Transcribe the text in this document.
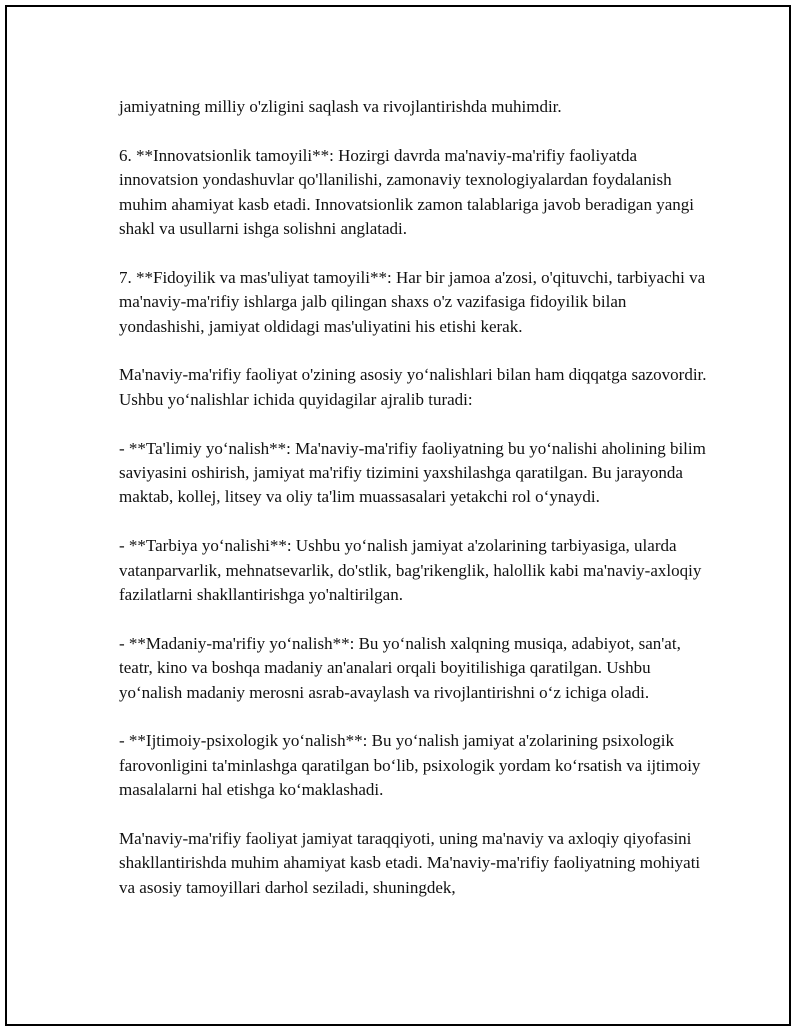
jamiyatning milliy o'zligini saqlash va rivojlantirishda muhimdir.

6. **Innovatsionlik tamoyili**: Hozirgi davrda ma'naviy-ma'rifiy faoliyatda innovatsion yondashuvlar qo'llanilishi, zamonaviy texnologiyalardan foydalanish muhim ahamiyat kasb etadi. Innovatsionlik zamon talablariga javob beradigan yangi shakl va usullarni ishga solishni anglatadi.

7. **Fidoyilik va mas'uliyat tamoyili**: Har bir jamoa a'zosi, o'qituvchi, tarbiyachi va ma'naviy-ma'rifiy ishlarga jalb qilingan shaxs o'z vazifasiga fidoyilik bilan yondashishi, jamiyat oldidagi mas'uliyatini his etishi kerak.

Ma'naviy-ma'rifiy faoliyat o'zining asosiy yo‘nalishlari bilan ham diqqatga sazovordir. Ushbu yo‘nalishlar ichida quyidagilar ajralib turadi:

- **Ta'limiy yo‘nalish**: Ma'naviy-ma'rifiy faoliyatning bu yo‘nalishi aholining bilim saviyasini oshirish, jamiyat ma'rifiy tizimini yaxshilashga qaratilgan. Bu jarayonda maktab, kollej, litsey va oliy ta'lim muassasalari yetakchi rol o‘ynaydi.

- **Tarbiya yo‘nalishi**: Ushbu yo‘nalish jamiyat a'zolarining tarbiyasiga, ularda vatanparvarlik, mehnatsevarlik, do'stlik, bag'rikenglik, halollik kabi ma'naviy-axloqiy fazilatlarni shakllantirishga yo'naltirilgan.

- **Madaniy-ma'rifiy yo‘nalish**: Bu yo‘nalish xalqning musiqa, adabiyot, san'at, teatr, kino va boshqa madaniy an'analari orqali boyitilishiga qaratilgan. Ushbu yo‘nalish madaniy merosni asrab-avaylash va rivojlantirishni o‘z ichiga oladi.

- **Ijtimoiy-psixologik yo‘nalish**: Bu yo‘nalish jamiyat a'zolarining psixologik farovonligini ta'minlashga qaratilgan bo‘lib, psixologik yordam ko‘rsatish va ijtimoiy masalalarni hal etishga ko‘maklashadi.

Ma'naviy-ma'rifiy faoliyat jamiyat taraqqiyoti, uning ma'naviy va axloqiy qiyofasini shakllantirishda muhim ahamiyat kasb etadi. Ma'naviy-ma'rifiy faoliyatning mohiyati va asosiy tamoyillari darhol seziladi, shuningdek,
